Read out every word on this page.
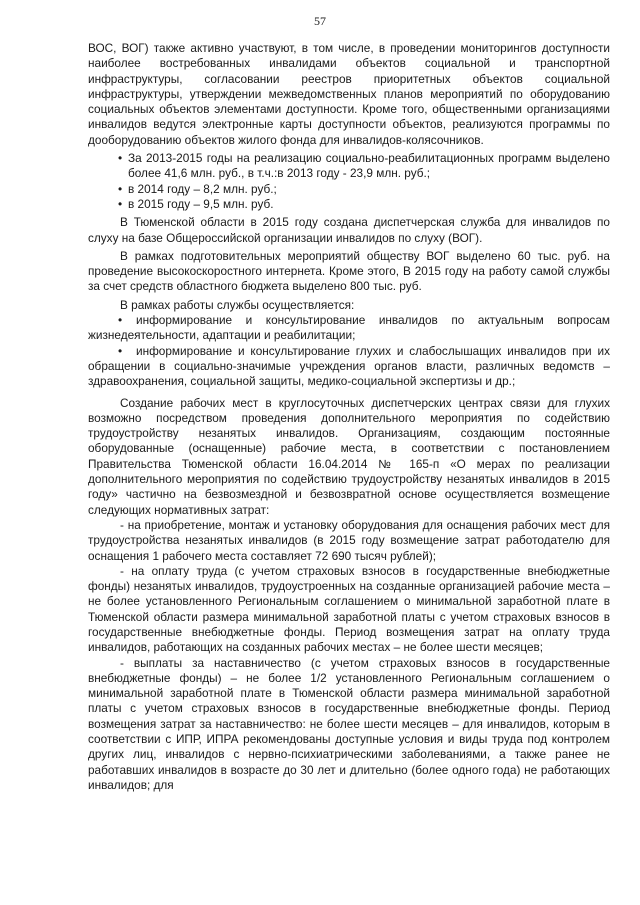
57

ВОС, ВОГ) также активно участвуют, в том числе, в проведении мониторингов доступности наиболее востребованных инвалидами объектов социальной и транспортной инфраструктуры, согласовании реестров приоритетных объектов социальной инфраструктуры, утверждении межведомственных планов мероприятий по оборудованию социальных объектов элементами доступности. Кроме того, общественными организациями инвалидов ведутся электронные карты доступности объектов, реализуются программы по дооборудованию объектов жилого фонда для инвалидов-колясочников.

• За 2013-2015 годы на реализацию социально-реабилитационных программ выделено более 41,6 млн. руб., в т.ч.:в 2013 году - 23,9 млн. руб.;

• в 2014 году – 8,2 млн. руб.;

• в 2015 году – 9,5 млн. руб.

В Тюменской области в 2015 году создана диспетчерская служба для инвалидов по слуху на базе Общероссийской организации инвалидов по слуху (ВОГ).

В рамках подготовительных мероприятий обществу ВОГ выделено 60 тыс. руб. на проведение высокоскоростного интернета. Кроме этого, В 2015 году на работу самой службы за счет средств областного бюджета выделено 800 тыс. руб.

В рамках работы службы осуществляется:

• информирование и консультирование инвалидов по актуальным вопросам жизнедеятельности, адаптации и реабилитации;

• информирование и консультирование глухих и слабослышащих инвалидов при их обращении в социально-значимые учреждения органов власти, различных ведомств – здравоохранения, социальной защиты, медико-социальной экспертизы и др.;

Создание рабочих мест в круглосуточных диспетчерских центрах связи для глухих возможно посредством проведения дополнительного мероприятия по содействию трудоустройству незанятых инвалидов. Организациям, создающим постоянные оборудованные (оснащенные) рабочие места, в соответствии с постановлением Правительства Тюменской области 16.04.2014 № 165-п «О мерах по реализации дополнительного мероприятия по содействию трудоустройству незанятых инвалидов в 2015 году» частично на безвозмездной и безвозвратной основе осуществляется возмещение следующих нормативных затрат:

- на приобретение, монтаж и установку оборудования для оснащения рабочих мест для трудоустройства незанятых инвалидов (в 2015 году возмещение затрат работодателю для оснащения 1 рабочего места составляет 72 690 тысяч рублей);

- на оплату труда (с учетом страховых взносов в государственные внебюджетные фонды) незанятых инвалидов, трудоустроенных на созданные организацией рабочие места – не более установленного Региональным соглашением о минимальной заработной плате в Тюменской области размера минимальной заработной платы с учетом страховых взносов в государственные внебюджетные фонды. Период возмещения затрат на оплату труда инвалидов, работающих на созданных рабочих местах – не более шести месяцев;

- выплаты за наставничество (с учетом страховых взносов в государственные внебюджетные фонды) – не более 1/2 установленного Региональным соглашением о минимальной заработной плате в Тюменской области размера минимальной заработной платы с учетом страховых взносов в государственные внебюджетные фонды. Период возмещения затрат за наставничество: не более шести месяцев – для инвалидов, которым в соответствии с ИПР, ИПРА рекомендованы доступные условия и виды труда под контролем других лиц, инвалидов с нервно-психиатрическими заболеваниями, а также ранее не работавших инвалидов в возрасте до 30 лет и длительно (более одного года) не работающих инвалидов; для
